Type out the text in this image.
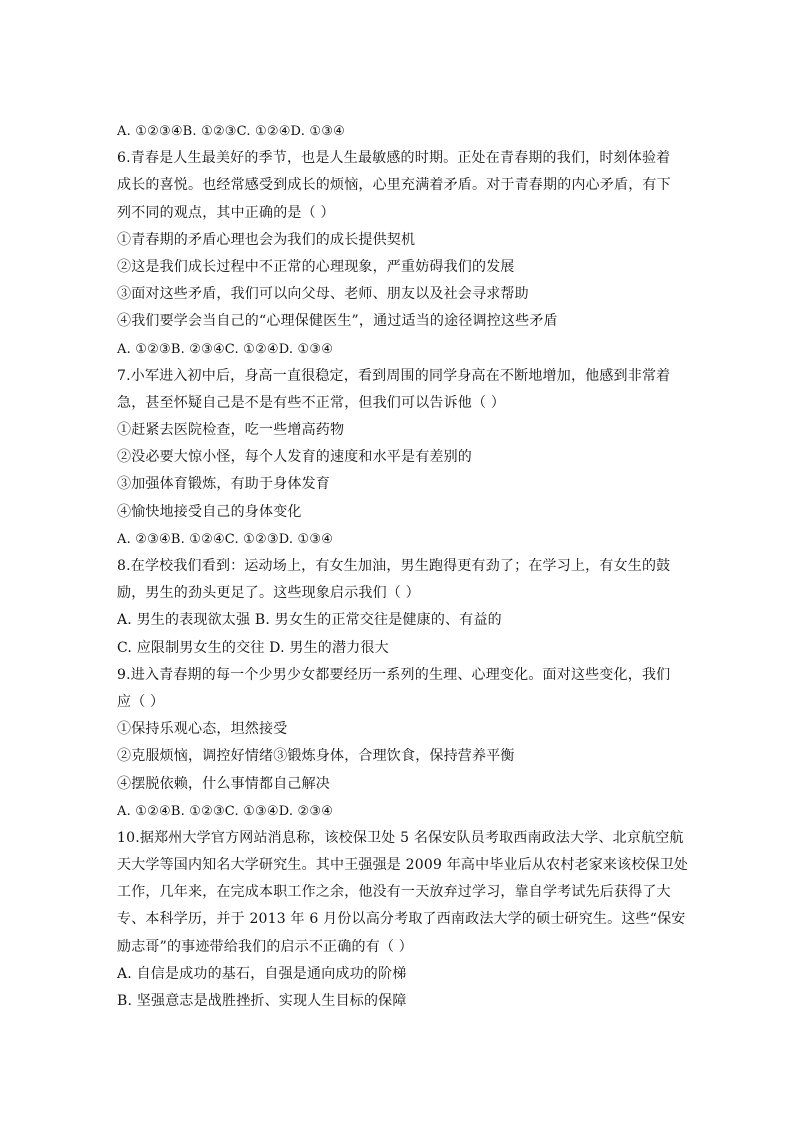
A. ①②③④B. ①②③C. ①②④D. ①③④
6.青春是人生最美好的季节，也是人生最敏感的时期。正处在青春期的我们，时刻体验着
成长的喜悦。也经常感受到成长的烦恼，心里充满着矛盾。对于青春期的内心矛盾，有下
列不同的观点，其中正确的是（ ）
①青春期的矛盾心理也会为我们的成长提供契机
②这是我们成长过程中不正常的心理现象，严重妨碍我们的发展
③面对这些矛盾，我们可以向父母、老师、朋友以及社会寻求帮助
④我们要学会当自己的“心理保健医生”，通过适当的途径调控这些矛盾
A. ①②③B. ②③④C. ①②④D. ①③④
7.小军进入初中后，身高一直很稳定，看到周围的同学身高在不断地增加，他感到非常着
急，甚至怀疑自己是不是有些不正常，但我们可以告诉他（ ）
①赶紧去医院检查，吃一些增高药物
②没必要大惊小怪，每个人发育的速度和水平是有差别的
③加强体育锻炼，有助于身体发育
④愉快地接受自己的身体变化
A. ②③④B. ①②④C. ①②③D. ①③④
8.在学校我们看到：运动场上，有女生加油，男生跑得更有劲了；在学习上，有女生的鼓
励，男生的劲头更足了。这些现象启示我们（ ）
A. 男生的表现欲太强 B. 男女生的正常交往是健康的、有益的
C. 应限制男女生的交往 D. 男生的潜力很大
9.进入青春期的每一个少男少女都要经历一系列的生理、心理变化。面对这些变化，我们
应（ ）
①保持乐观心态，坦然接受
②克服烦恼，调控好情绪③锻炼身体，合理饮食，保持营养平衡
④摆脱依赖，什么事情都自己解决
A. ①②④B. ①②③C. ①③④D. ②③④
10.据郑州大学官方网站消息称，该校保卫处 5 名保安队员考取西南政法大学、北京航空航
天大学等国内知名大学研究生。其中王强强是 2009 年高中毕业后从农村老家来该校保卫处
工作，几年来，在完成本职工作之余，他没有一天放弃过学习，靠自学考试先后获得了大
专、本科学历，并于 2013 年 6 月份以高分考取了西南政法大学的硕士研究生。这些“保安
励志哥”的事迹带给我们的启示不正确的有（ ）
A. 自信是成功的基石，自强是通向成功的阶梯
B. 坚强意志是战胜挫折、实现人生目标的保障
